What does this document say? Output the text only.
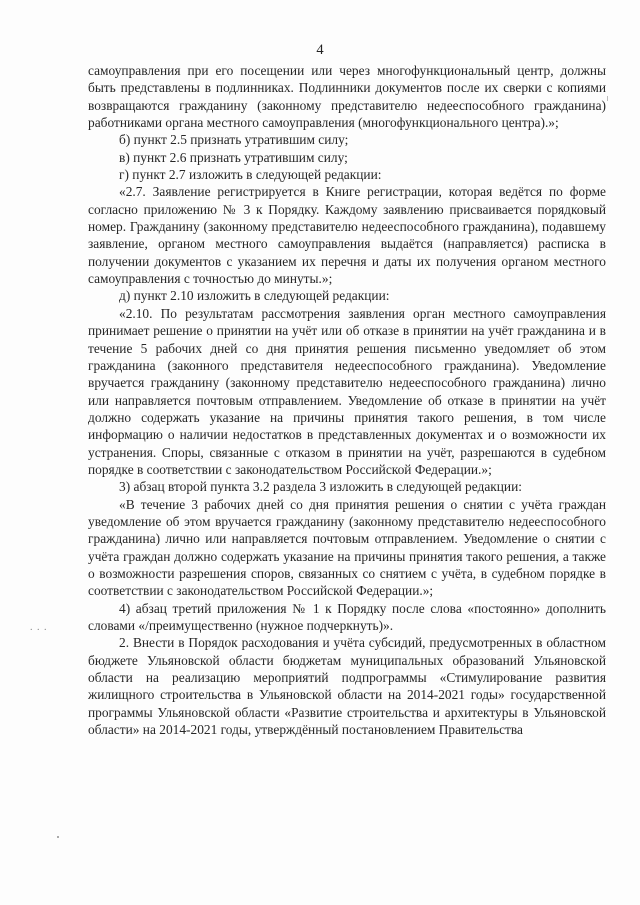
4

самоуправления при его посещении или через многофункциональный центр, должны быть представлены в подлинниках. Подлинники документов после их сверки с копиями возвращаются гражданину (законному представителю недееспособного гражданина) работниками органа местного самоуправления (многофункционального центра).»;

б) пункт 2.5 признать утратившим силу;

в) пункт 2.6 признать утратившим силу;

г) пункт 2.7 изложить в следующей редакции:

«2.7. Заявление регистрируется в Книге регистрации, которая ведётся по форме согласно приложению № 3 к Порядку. Каждому заявлению присваивается порядковый номер. Гражданину (законному представителю недееспособного гражданина), подавшему заявление, органом местного самоуправления выдаётся (направляется) расписка в получении документов с указанием их перечня и даты их получения органом местного самоуправления с точностью до минуты.»;

д) пункт 2.10 изложить в следующей редакции:

«2.10. По результатам рассмотрения заявления орган местного самоуправления принимает решение о принятии на учёт или об отказе в принятии на учёт гражданина и в течение 5 рабочих дней со дня принятия решения письменно уведомляет об этом гражданина (законного представителя недееспособного гражданина). Уведомление вручается гражданину (законному представителю недееспособного гражданина) лично или направляется почтовым отправлением. Уведомление об отказе в принятии на учёт должно содержать указание на причины принятия такого решения, в том числе информацию о наличии недостатков в представленных документах и о возможности их устранения. Споры, связанные с отказом в принятии на учёт, разрешаются в судебном порядке в соответствии с законодательством Российской Федерации.»;

3) абзац второй пункта 3.2 раздела 3 изложить в следующей редакции:

«В течение 3 рабочих дней со дня принятия решения о снятии с учёта граждан уведомление об этом вручается гражданину (законному представителю недееспособного гражданина) лично или направляется почтовым отправлением. Уведомление о снятии с учёта граждан должно содержать указание на причины принятия такого решения, а также о возможности разрешения споров, связанных со снятием с учёта, в судебном порядке в соответствии с законодательством Российской Федерации.»;

4) абзац третий приложения № 1 к Порядку после слова «постоянно» дополнить словами «/преимущественно (нужное подчеркнуть)».

2. Внести в Порядок расходования и учёта субсидий, предусмотренных в областном бюджете Ульяновской области бюджетам муниципальных образований Ульяновской области на реализацию мероприятий подпрограммы «Стимулирование развития жилищного строительства в Ульяновской области на 2014-2021 годы» государственной программы Ульяновской области «Развитие строительства и архитектуры в Ульяновской области» на 2014-2021 годы, утверждённый постановлением Правительства

. . .
